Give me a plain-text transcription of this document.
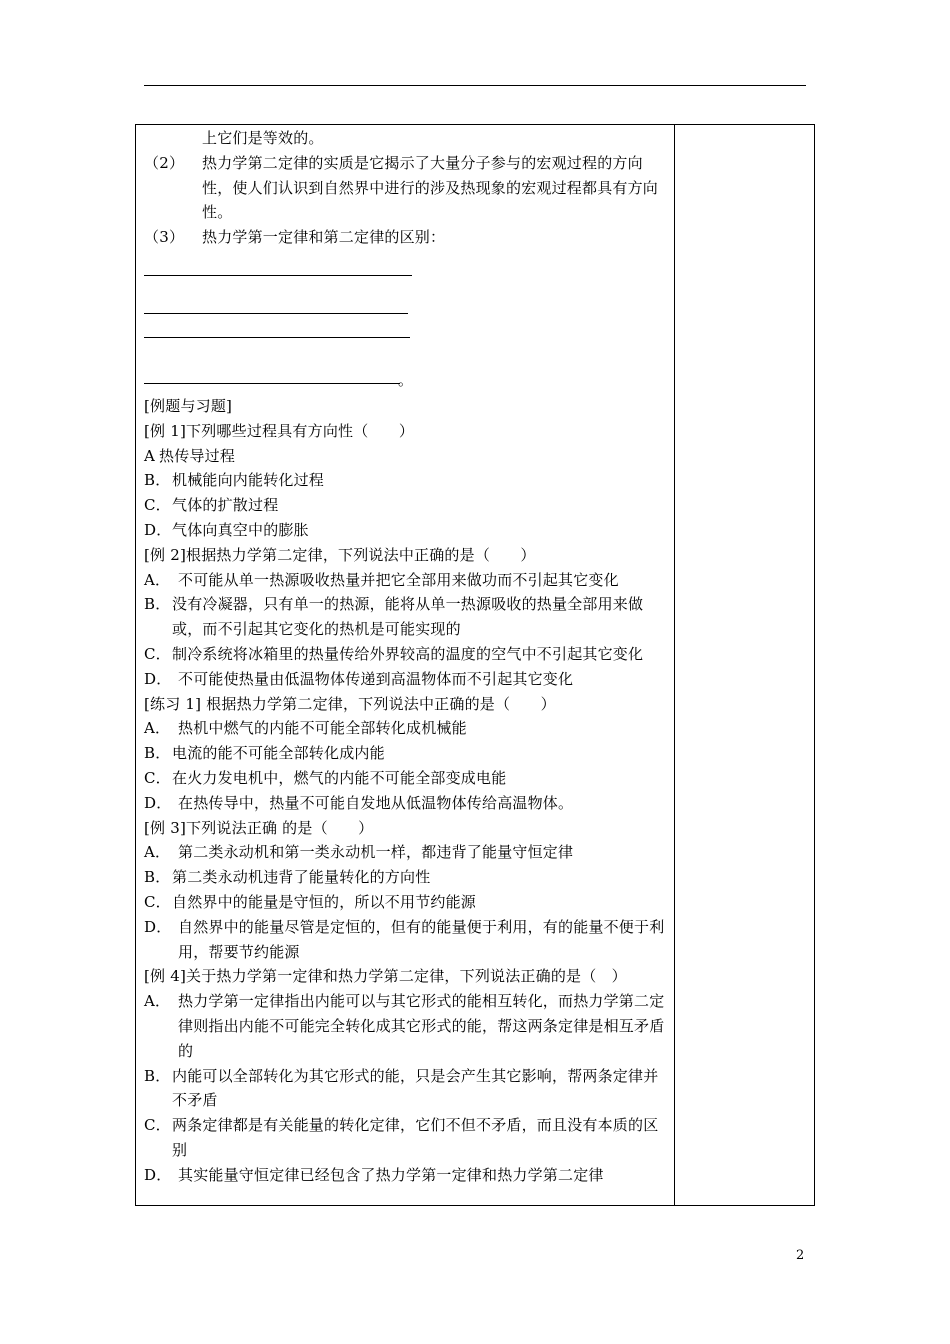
上它们是等效的。
（2）	热力学第二定律的实质是它揭示了大量分子参与的宏观过程的方向性，使人们认识到自然界中进行的涉及热现象的宏观过程都具有方向性。
（3）	热力学第一定律和第二定律的区别：
。
[例题与习题]
[例 1]下列哪些过程具有方向性（　　）
A 热传导过程
B． 机械能向内能转化过程
C． 气体的扩散过程
D． 气体向真空中的膨胀
[例 2]根据热力学第二定律，下列说法中正确的是（　　）
A． 不可能从单一热源吸收热量并把它全部用来做功而不引起其它变化
B． 没有冷凝器，只有单一的热源，能将从单一热源吸收的热量全部用来做或，而不引起其它变化的热机是可能实现的
C． 制冷系统将冰箱里的热量传给外界较高的温度的空气中不引起其它变化
D． 不可能使热量由低温物体传递到高温物体而不引起其它变化
[练习 1] 根据热力学第二定律，下列说法中正确的是（　　）
A． 热机中燃气的内能不可能全部转化成机械能
B． 电流的能不可能全部转化成内能
C． 在火力发电机中，燃气的内能不可能全部变成电能
D． 在热传导中，热量不可能自发地从低温物体传给高温物体。
[例 3]下列说法正确 的是（　　）
A． 第二类永动机和第一类永动机一样，都违背了能量守恒定律
B． 第二类永动机违背了能量转化的方向性
C． 自然界中的能量是守恒的，所以不用节约能源
D． 自然界中的能量尽管是定恒的，但有的能量便于利用，有的能量不便于利用，帮要节约能源
[例 4]关于热力学第一定律和热力学第二定律，下列说法正确的是（　）
A． 热力学第一定律指出内能可以与其它形式的能相互转化，而热力学第二定律则指出内能不可能完全转化成其它形式的能，帮这两条定律是相互矛盾的
B． 内能可以全部转化为其它形式的能，只是会产生其它影响，帮两条定律并不矛盾
C． 两条定律都是有关能量的转化定律，它们不但不矛盾，而且没有本质的区别
D． 其实能量守恒定律已经包含了热力学第一定律和热力学第二定律
2
